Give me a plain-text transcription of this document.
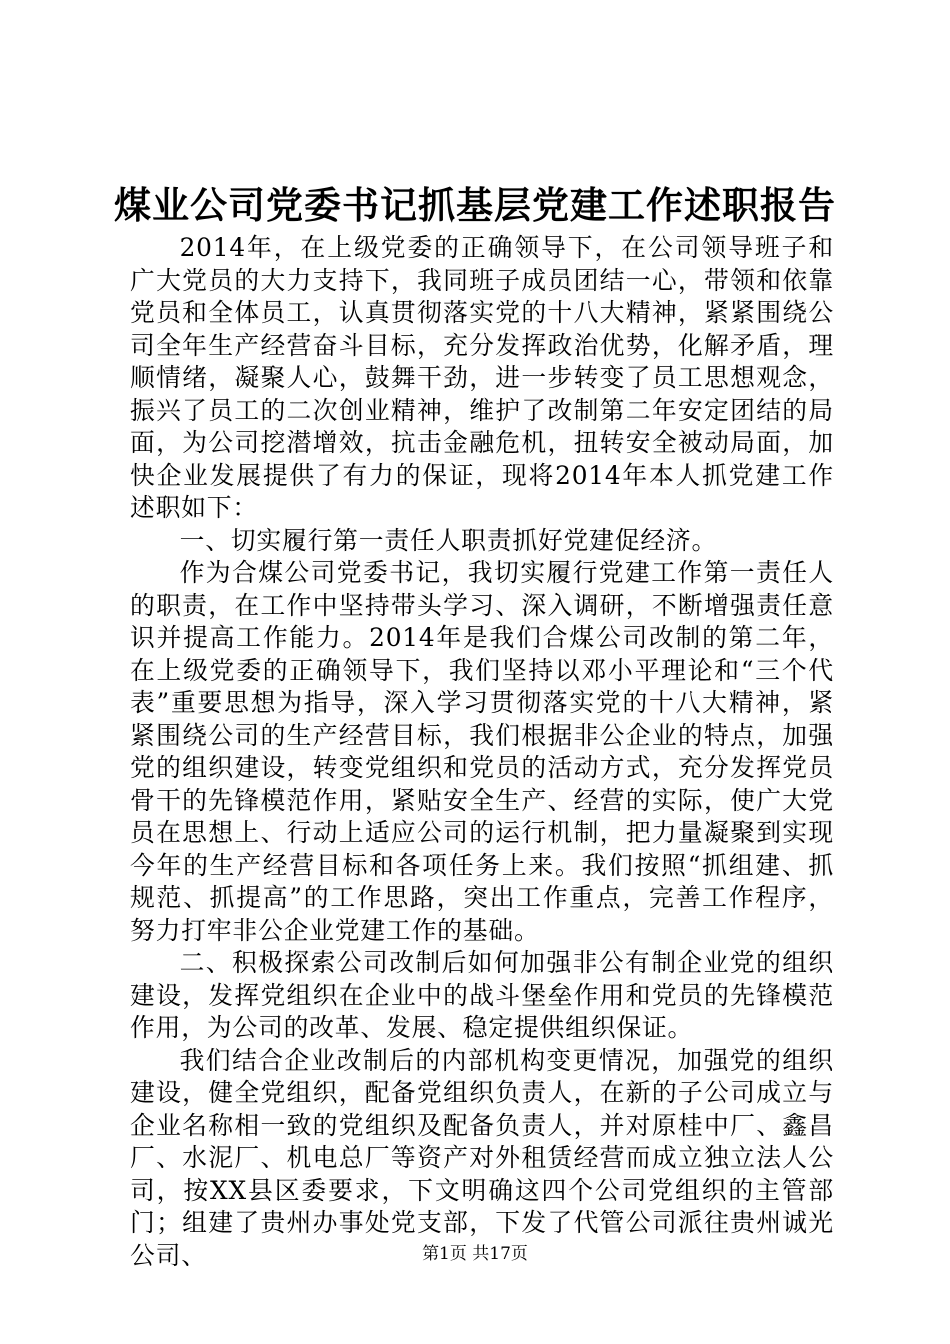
煤业公司党委书记抓基层党建工作述职报告

2014年，在上级党委的正确领导下，在公司领导班子和广大党员的大力支持下，我同班子成员团结一心，带领和依靠党员和全体员工，认真贯彻落实党的十八大精神，紧紧围绕公司全年生产经营奋斗目标，充分发挥政治优势，化解矛盾，理顺情绪，凝聚人心，鼓舞干劲，进一步转变了员工思想观念，振兴了员工的二次创业精神，维护了改制第二年安定团结的局面，为公司挖潜增效，抗击金融危机，扭转安全被动局面，加快企业发展提供了有力的保证，现将2014年本人抓党建工作述职如下：

一、切实履行第一责任人职责抓好党建促经济。

作为合煤公司党委书记，我切实履行党建工作第一责任人的职责，在工作中坚持带头学习、深入调研，不断增强责任意识并提高工作能力。2014年是我们合煤公司改制的第二年，在上级党委的正确领导下，我们坚持以邓小平理论和“三个代表”重要思想为指导，深入学习贯彻落实党的十八大精神，紧紧围绕公司的生产经营目标，我们根据非公企业的特点，加强党的组织建设，转变党组织和党员的活动方式，充分发挥党员骨干的先锋模范作用，紧贴安全生产、经营的实际，使广大党员在思想上、行动上适应公司的运行机制，把力量凝聚到实现今年的生产经营目标和各项任务上来。我们按照“抓组建、抓规范、抓提高”的工作思路，突出工作重点，完善工作程序，努力打牢非公企业党建工作的基础。

二、积极探索公司改制后如何加强非公有制企业党的组织建设，发挥党组织在企业中的战斗堡垒作用和党员的先锋模范作用，为公司的改革、发展、稳定提供组织保证。

我们结合企业改制后的内部机构变更情况，加强党的组织建设，健全党组织，配备党组织负责人，在新的子公司成立与企业名称相一致的党组织及配备负责人，并对原桂中厂、鑫昌厂、水泥厂、机电总厂等资产对外租赁经营而成立独立法人公司，按XX县区委要求，下文明确这四个公司党组织的主管部门；组建了贵州办事处党支部，下发了代管公司派往贵州诚光公司、	第1页 共17页
